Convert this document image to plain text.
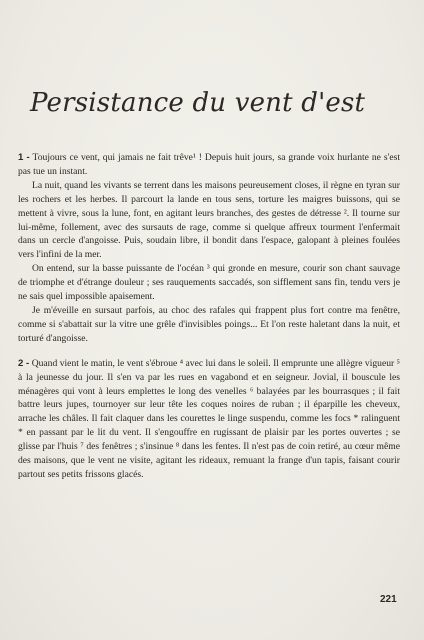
Persistance du vent d'est

1 - Toujours ce vent, qui jamais ne fait trêve¹ ! Depuis huit jours, sa grande voix hurlante ne s'est pas tue un instant.

La nuit, quand les vivants se terrent dans les maisons peureusement closes, il règne en tyran sur les rochers et les herbes. Il parcourt la lande en tous sens, torture les maigres buissons, qui se mettent à vivre, sous la lune, font, en agitant leurs branches, des gestes de détresse ². Il tourne sur lui-même, follement, avec des sursauts de rage, comme si quelque affreux tourment l'enfermait dans un cercle d'angoisse. Puis, soudain libre, il bondit dans l'espace, galopant à pleines foulées vers l'infini de la mer.

On entend, sur la basse puissante de l'océan ³ qui gronde en mesure, courir son chant sauvage de triomphe et d'étrange douleur ; ses rauquements saccadés, son sifflement sans fin, tendu vers je ne sais quel impossible apaisement.

Je m'éveille en sursaut parfois, au choc des rafales qui frappent plus fort contre ma fenêtre, comme si s'abattait sur la vitre une grêle d'invisibles poings... Et l'on reste haletant dans la nuit, et torturé d'angoisse.

2 - Quand vient le matin, le vent s'ébroue ⁴ avec lui dans le soleil. Il emprunte une allègre vigueur ⁵ à la jeunesse du jour. Il s'en va par les rues en vagabond et en seigneur. Jovial, il bouscule les ménagères qui vont à leurs emplettes le long des venelles ⁶ balayées par les bourrasques ; il fait battre leurs jupes, tournoyer sur leur tête les coques noires de ruban ; il éparpille les cheveux, arrache les châles. Il fait claquer dans les courettes le linge suspendu, comme les focs * ralinguent * en passant par le lit du vent. Il s'engouffre en rugissant de plaisir par les portes ouvertes ; se glisse par l'huis ⁷ des fenêtres ; s'insinue ⁸ dans les fentes. Il n'est pas de coin retiré, au cœur même des maisons, que le vent ne visite, agitant les rideaux, remuant la frange d'un tapis, faisant courir partout ses petits frissons glacés.

221
